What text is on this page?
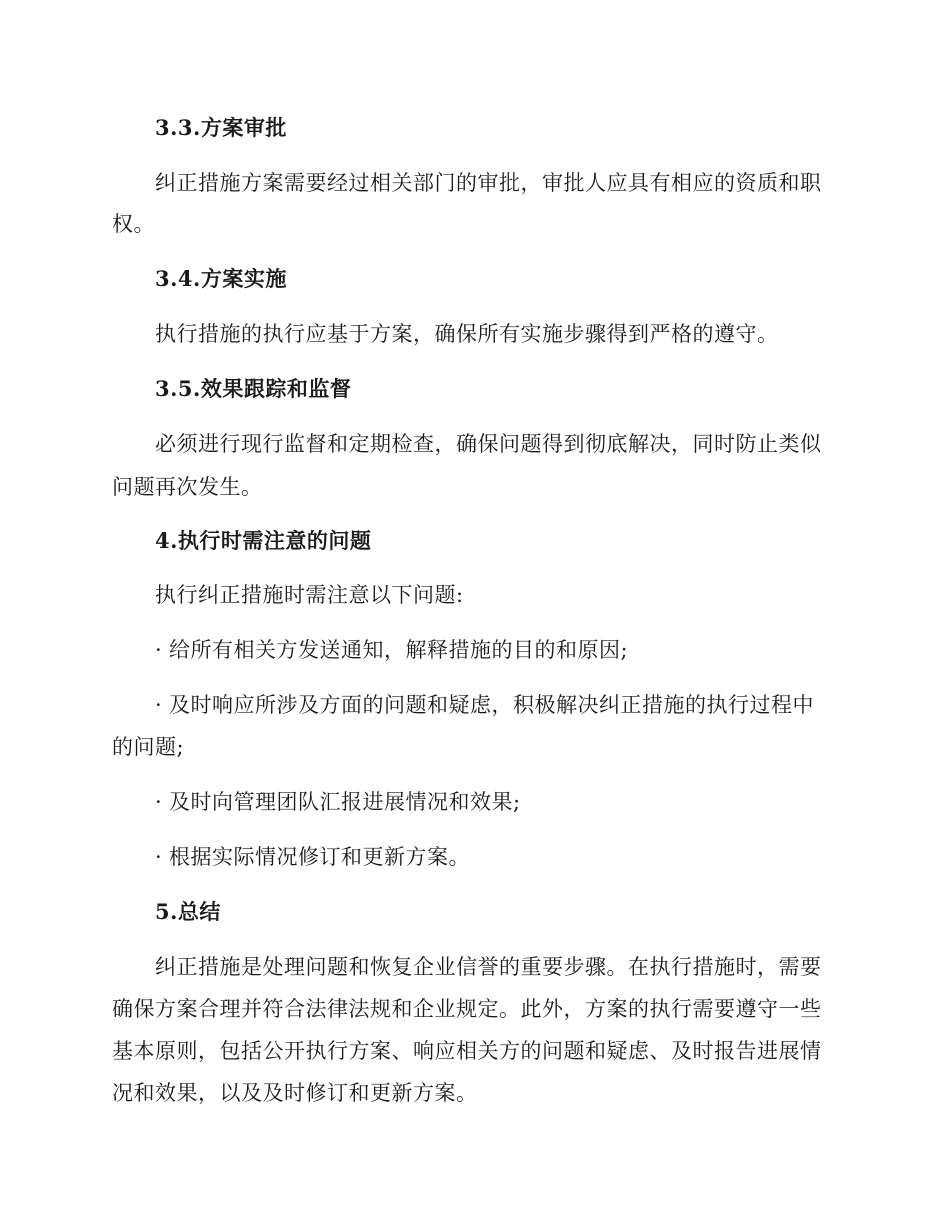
3.3.方案审批
纠正措施方案需要经过相关部门的审批，审批人应具有相应的资质和职
权。
3.4.方案实施
执行措施的执行应基于方案，确保所有实施步骤得到严格的遵守。
3.5.效果跟踪和监督
必须进行现行监督和定期检查，确保问题得到彻底解决，同时防止类似
问题再次发生。
4.执行时需注意的问题
执行纠正措施时需注意以下问题:
· 给所有相关方发送通知，解释措施的目的和原因;
· 及时响应所涉及方面的问题和疑虑，积极解决纠正措施的执行过程中
的问题;
· 及时向管理团队汇报进展情况和效果;
· 根据实际情况修订和更新方案。
5.总结
纠正措施是处理问题和恢复企业信誉的重要步骤。在执行措施时，需要
确保方案合理并符合法律法规和企业规定。此外，方案的执行需要遵守一些
基本原则，包括公开执行方案、响应相关方的问题和疑虑、及时报告进展情
况和效果，以及及时修订和更新方案。
